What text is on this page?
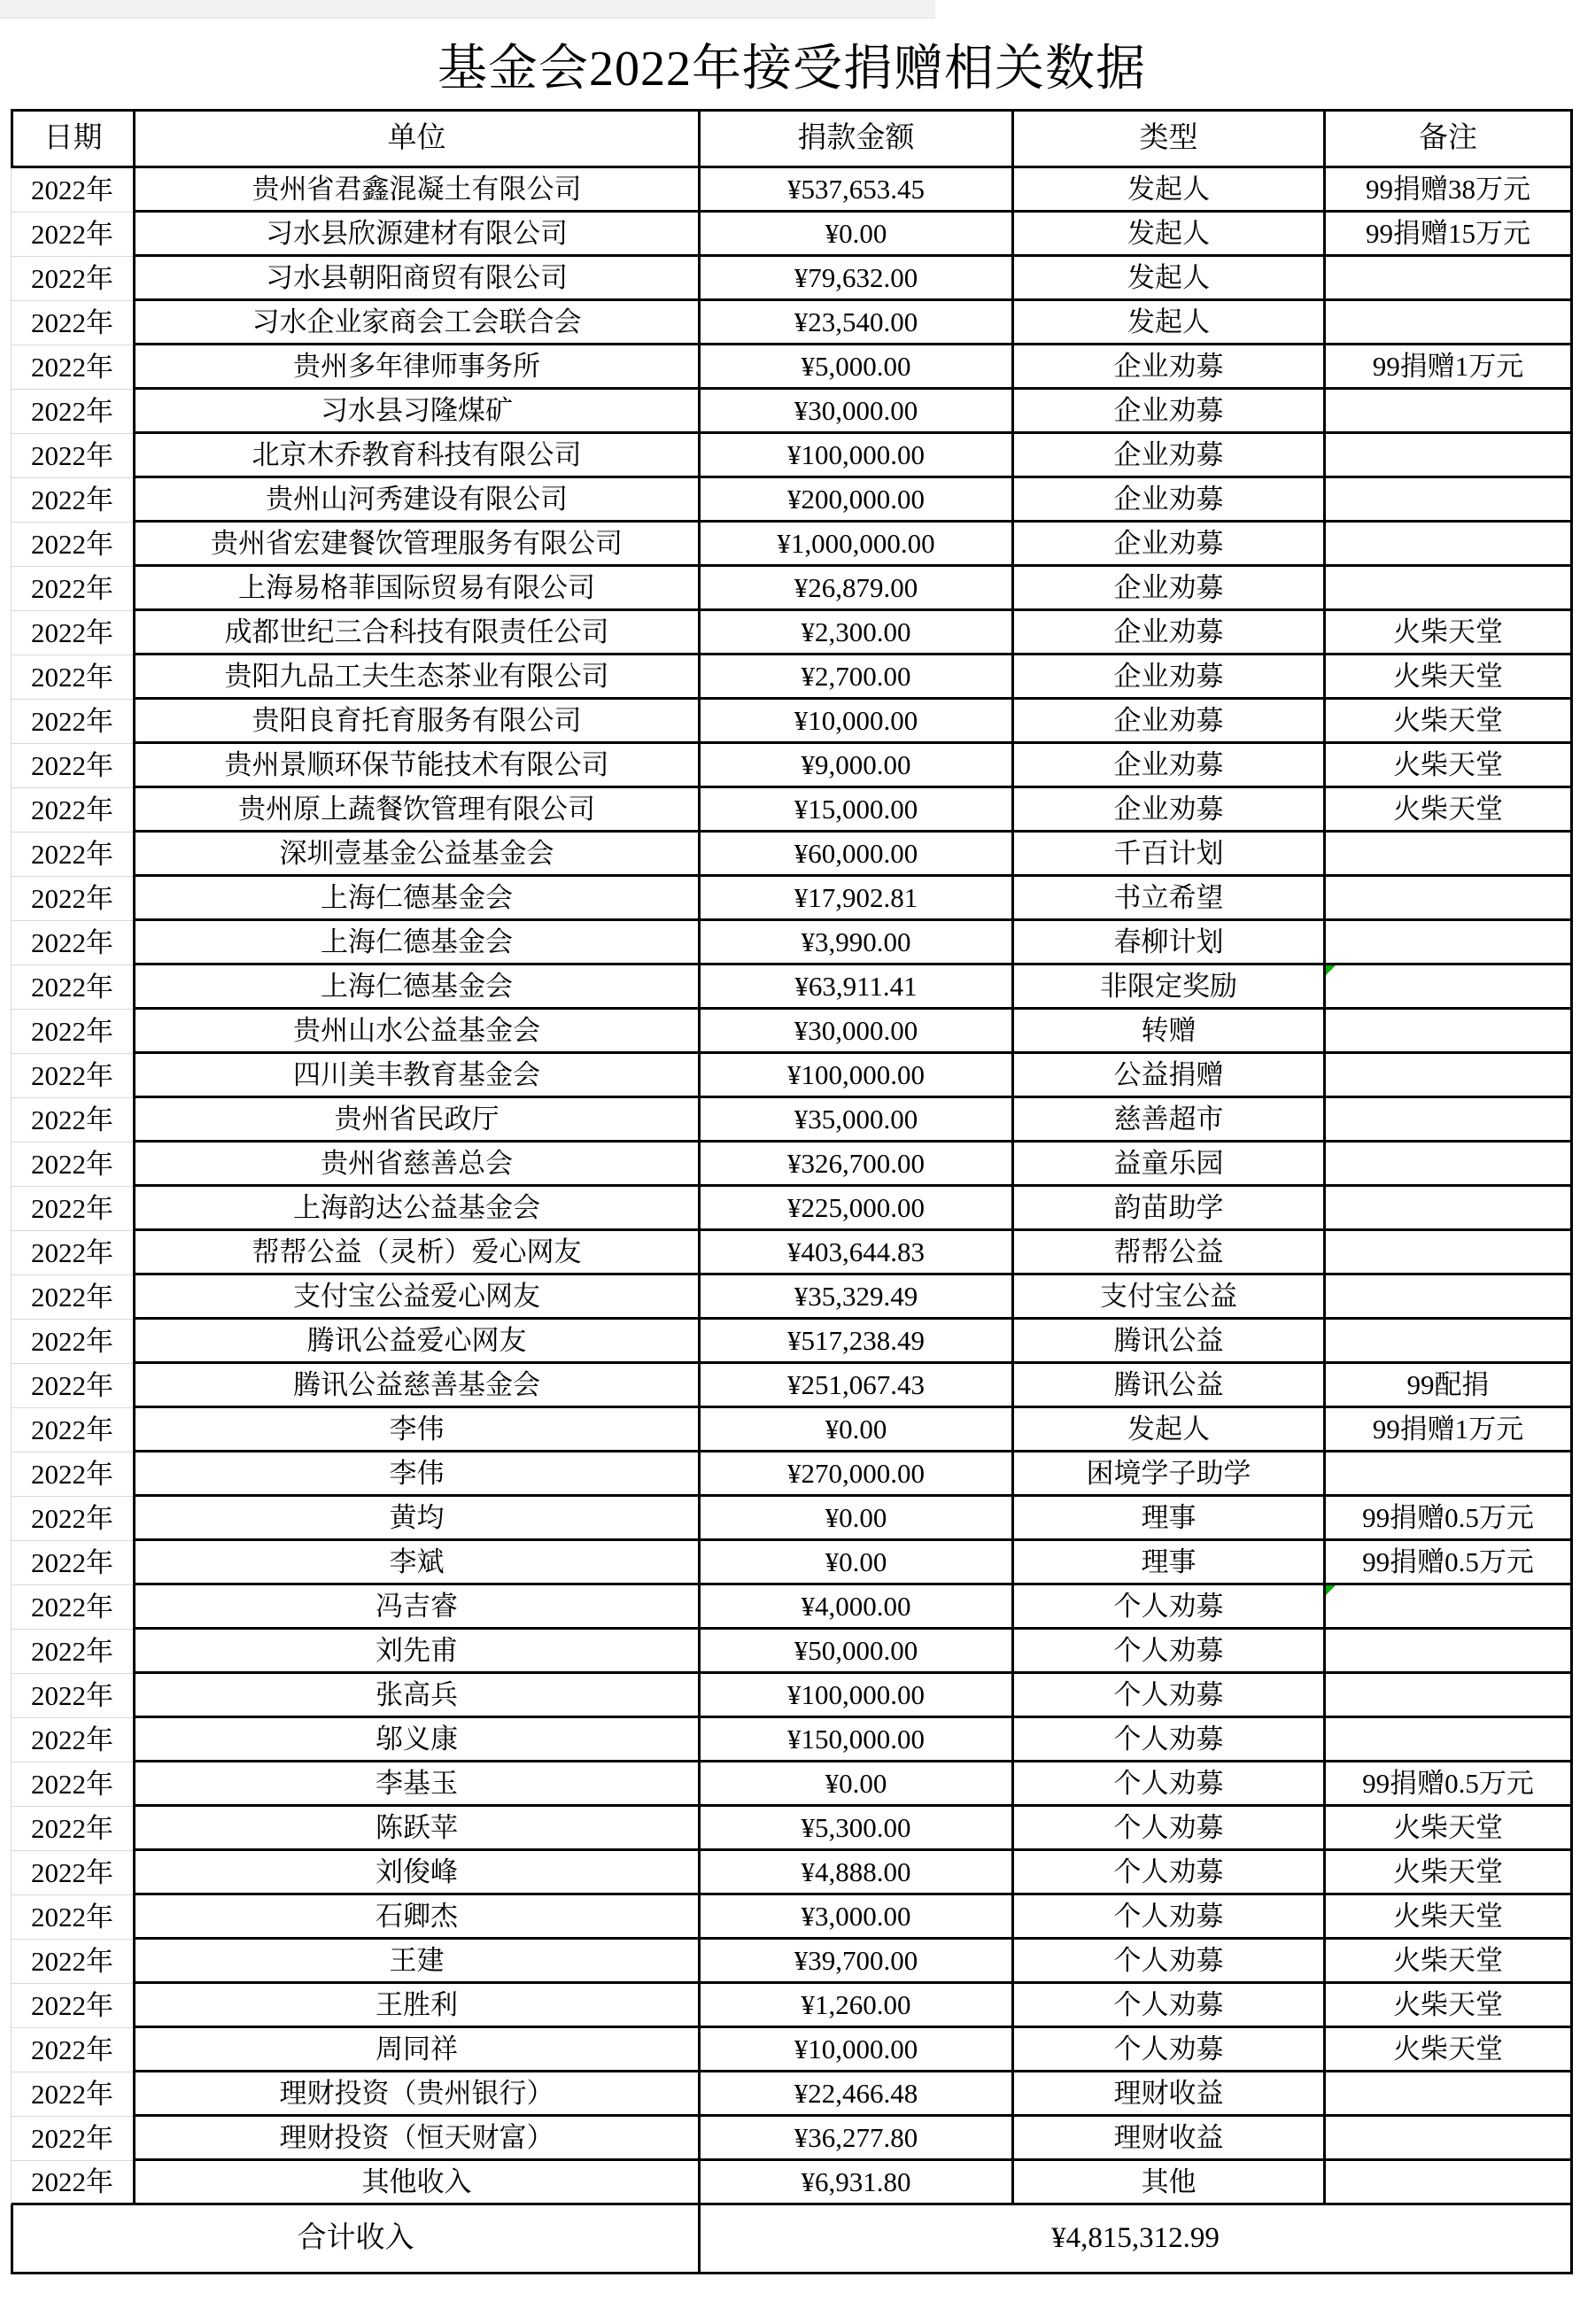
基金会2022年接受捐赠相关数据
日期	单位	捐款金额	类型	备注
2022年	贵州省君鑫混凝土有限公司	¥537,653.45	发起人	99捐赠38万元
2022年	习水县欣源建材有限公司	¥0.00	发起人	99捐赠15万元
2022年	习水县朝阳商贸有限公司	¥79,632.00	发起人
2022年	习水企业家商会工会联合会	¥23,540.00	发起人
2022年	贵州多年律师事务所	¥5,000.00	企业劝募	99捐赠1万元
2022年	习水县习隆煤矿	¥30,000.00	企业劝募
2022年	北京木乔教育科技有限公司	¥100,000.00	企业劝募
2022年	贵州山河秀建设有限公司	¥200,000.00	企业劝募
2022年	贵州省宏建餐饮管理服务有限公司	¥1,000,000.00	企业劝募
2022年	上海易格菲国际贸易有限公司	¥26,879.00	企业劝募
2022年	成都世纪三合科技有限责任公司	¥2,300.00	企业劝募	火柴天堂
2022年	贵阳九品工夫生态茶业有限公司	¥2,700.00	企业劝募	火柴天堂
2022年	贵阳良育托育服务有限公司	¥10,000.00	企业劝募	火柴天堂
2022年	贵州景顺环保节能技术有限公司	¥9,000.00	企业劝募	火柴天堂
2022年	贵州原上蔬餐饮管理有限公司	¥15,000.00	企业劝募	火柴天堂
2022年	深圳壹基金公益基金会	¥60,000.00	千百计划
2022年	上海仁德基金会	¥17,902.81	书立希望
2022年	上海仁德基金会	¥3,990.00	春柳计划
2022年	上海仁德基金会	¥63,911.41	非限定奖励
2022年	贵州山水公益基金会	¥30,000.00	转赠
2022年	四川美丰教育基金会	¥100,000.00	公益捐赠
2022年	贵州省民政厅	¥35,000.00	慈善超市
2022年	贵州省慈善总会	¥326,700.00	益童乐园
2022年	上海韵达公益基金会	¥225,000.00	韵苗助学
2022年	帮帮公益（灵析）爱心网友	¥403,644.83	帮帮公益
2022年	支付宝公益爱心网友	¥35,329.49	支付宝公益
2022年	腾讯公益爱心网友	¥517,238.49	腾讯公益
2022年	腾讯公益慈善基金会	¥251,067.43	腾讯公益	99配捐
2022年	李伟	¥0.00	发起人	99捐赠1万元
2022年	李伟	¥270,000.00	困境学子助学
2022年	黄均	¥0.00	理事	99捐赠0.5万元
2022年	李斌	¥0.00	理事	99捐赠0.5万元
2022年	冯吉睿	¥4,000.00	个人劝募
2022年	刘先甫	¥50,000.00	个人劝募
2022年	张高兵	¥100,000.00	个人劝募
2022年	邬义康	¥150,000.00	个人劝募
2022年	李基玉	¥0.00	个人劝募	99捐赠0.5万元
2022年	陈跃苹	¥5,300.00	个人劝募	火柴天堂
2022年	刘俊峰	¥4,888.00	个人劝募	火柴天堂
2022年	石卿杰	¥3,000.00	个人劝募	火柴天堂
2022年	王建	¥39,700.00	个人劝募	火柴天堂
2022年	王胜利	¥1,260.00	个人劝募	火柴天堂
2022年	周同祥	¥10,000.00	个人劝募	火柴天堂
2022年	理财投资（贵州银行）	¥22,466.48	理财收益
2022年	理财投资（恒天财富）	¥36,277.80	理财收益
2022年	其他收入	¥6,931.80	其他
合计收入	¥4,815,312.99
